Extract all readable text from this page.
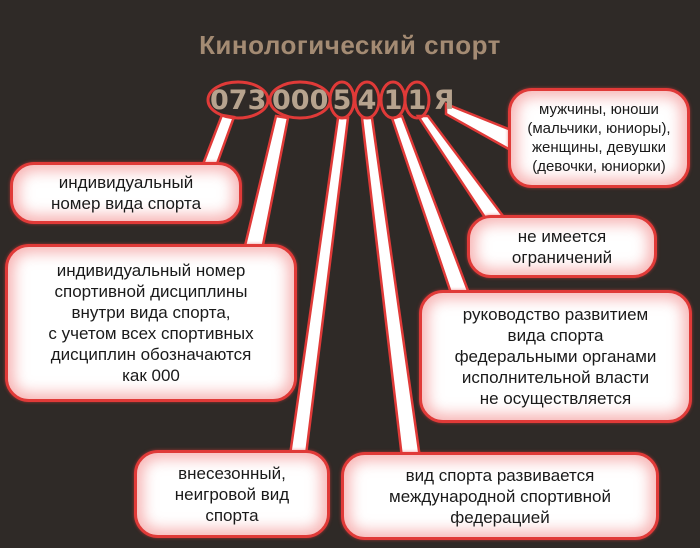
Кинологический спорт
073 000 5 4 1 1 Я
индивидуальный
номер вида спорта
индивидуальный номер
спортивной дисциплины
внутри вида спорта,
с учетом всех спортивных
дисциплин обозначаются
как 000
внесезонный,
неигровой вид
спорта
вид спорта развивается
международной спортивной
федерацией
руководство развитием
вида спорта
федеральными органами
исполнительной власти
не осуществляется
не имеется
ограничений
мужчины, юноши
(мальчики, юниоры),
женщины, девушки
(девочки, юниорки)
